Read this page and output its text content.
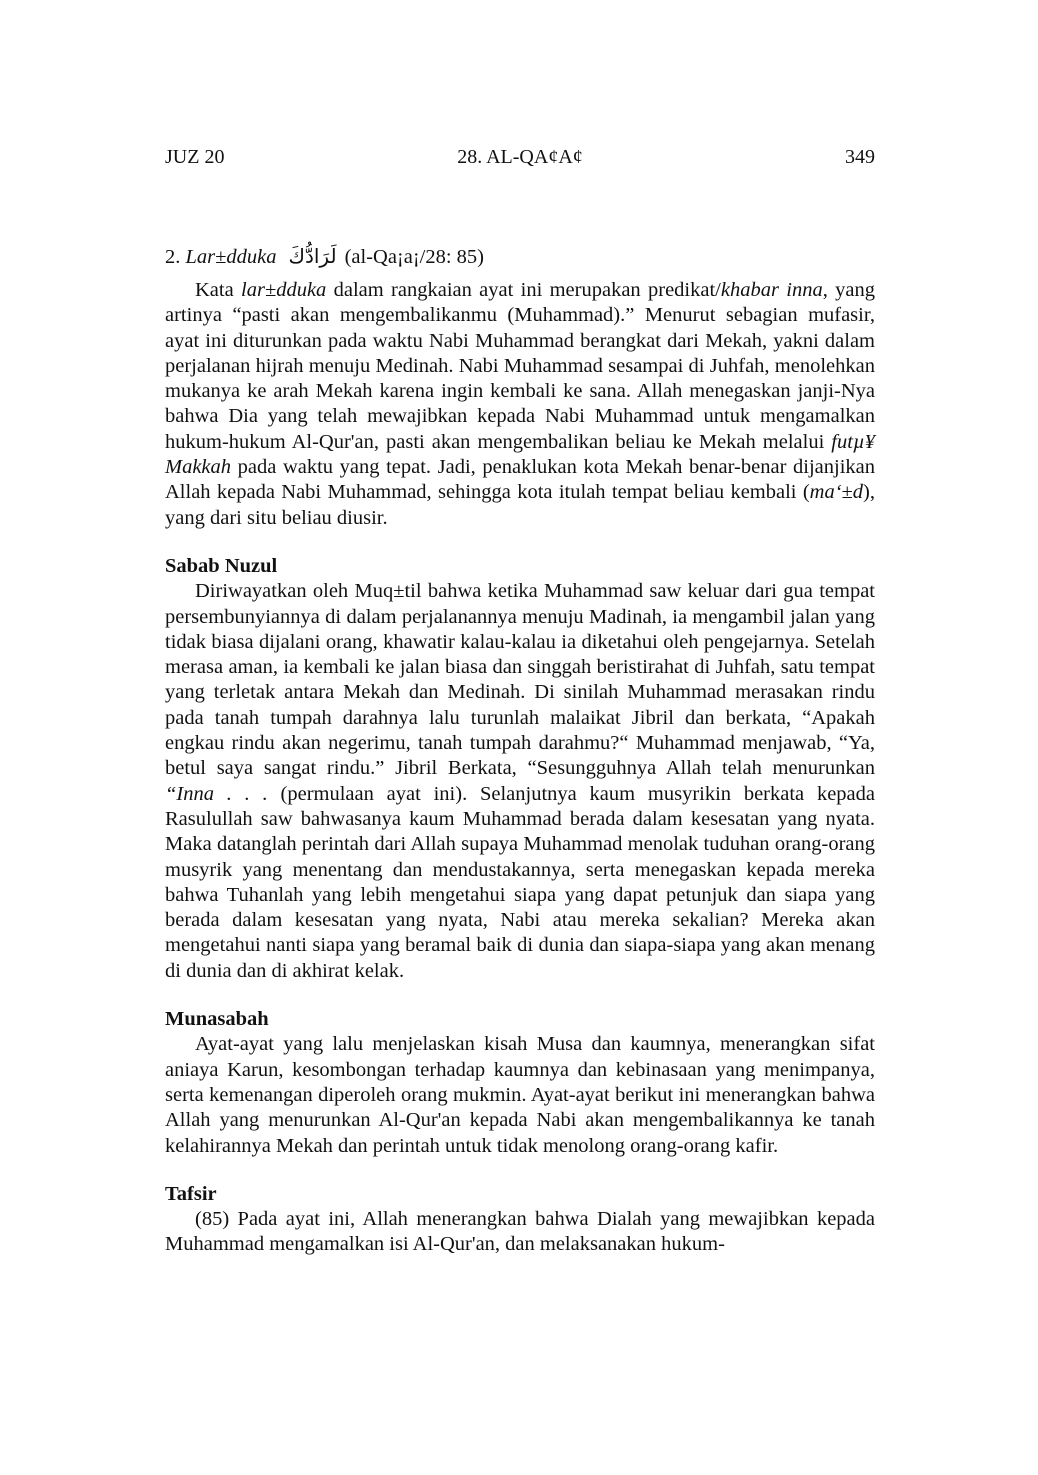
JUZ 20	28. AL-QA¢A¢	349

2. Lar±dduka لَرَادُّكَ (al-Qa¡a¡/28: 85)

Kata lar±dduka dalam rangkaian ayat ini merupakan predikat/khabar inna, yang artinya “pasti akan mengembalikanmu (Muhammad).” Menurut sebagian mufasir, ayat ini diturunkan pada waktu Nabi Muhammad berangkat dari Mekah, yakni dalam perjalanan hijrah menuju Medinah. Nabi Muhammad sesampai di Juhfah, menolehkan mukanya ke arah Mekah karena ingin kembali ke sana. Allah menegaskan janji-Nya bahwa Dia yang telah mewajibkan kepada Nabi Muhammad untuk mengamalkan hukum-hukum Al-Qur'an, pasti akan mengembalikan beliau ke Mekah melalui futµ¥ Makkah pada waktu yang tepat. Jadi, penaklukan kota Mekah benar-benar dijanjikan Allah kepada Nabi Muhammad, sehingga kota itulah tempat beliau kembali (ma‘±d), yang dari situ beliau diusir.

Sabab Nuzul

Diriwayatkan oleh Muq±til bahwa ketika Muhammad saw keluar dari gua tempat persembunyiannya di dalam perjalanannya menuju Madinah, ia mengambil jalan yang tidak biasa dijalani orang, khawatir kalau-kalau ia diketahui oleh pengejarnya. Setelah merasa aman, ia kembali ke jalan biasa dan singgah beristirahat di Juhfah, satu tempat yang terletak antara Mekah dan Medinah. Di sinilah Muhammad merasakan rindu pada tanah tumpah darahnya lalu turunlah malaikat Jibril dan berkata, “Apakah engkau rindu akan negerimu, tanah tumpah darahmu?“ Muhammad menjawab, “Ya, betul saya sangat rindu.” Jibril Berkata, “Sesungguhnya Allah telah menurunkan “Inna . . . (permulaan ayat ini). Selanjutnya kaum musyrikin berkata kepada Rasulullah saw bahwasanya kaum Muhammad berada dalam kesesatan yang nyata. Maka datanglah perintah dari Allah supaya Muhammad menolak tuduhan orang-orang musyrik yang menentang dan mendustakannya, serta menegaskan kepada mereka bahwa Tuhanlah yang lebih mengetahui siapa yang dapat petunjuk dan siapa yang berada dalam kesesatan yang nyata, Nabi atau mereka sekalian? Mereka akan mengetahui nanti siapa yang beramal baik di dunia dan siapa-siapa yang akan menang di dunia dan di akhirat kelak.

Munasabah

Ayat-ayat yang lalu menjelaskan kisah Musa dan kaumnya, menerangkan sifat aniaya Karun, kesombongan terhadap kaumnya dan kebinasaan yang menimpanya, serta kemenangan diperoleh orang mukmin. Ayat-ayat berikut ini menerangkan bahwa Allah yang menurunkan Al-Qur'an kepada Nabi akan mengembalikannya ke tanah kelahirannya Mekah dan perintah untuk tidak menolong orang-orang kafir.

Tafsir

(85) Pada ayat ini, Allah menerangkan bahwa Dialah yang mewajibkan kepada Muhammad mengamalkan isi Al-Qur'an, dan melaksanakan hukum-
